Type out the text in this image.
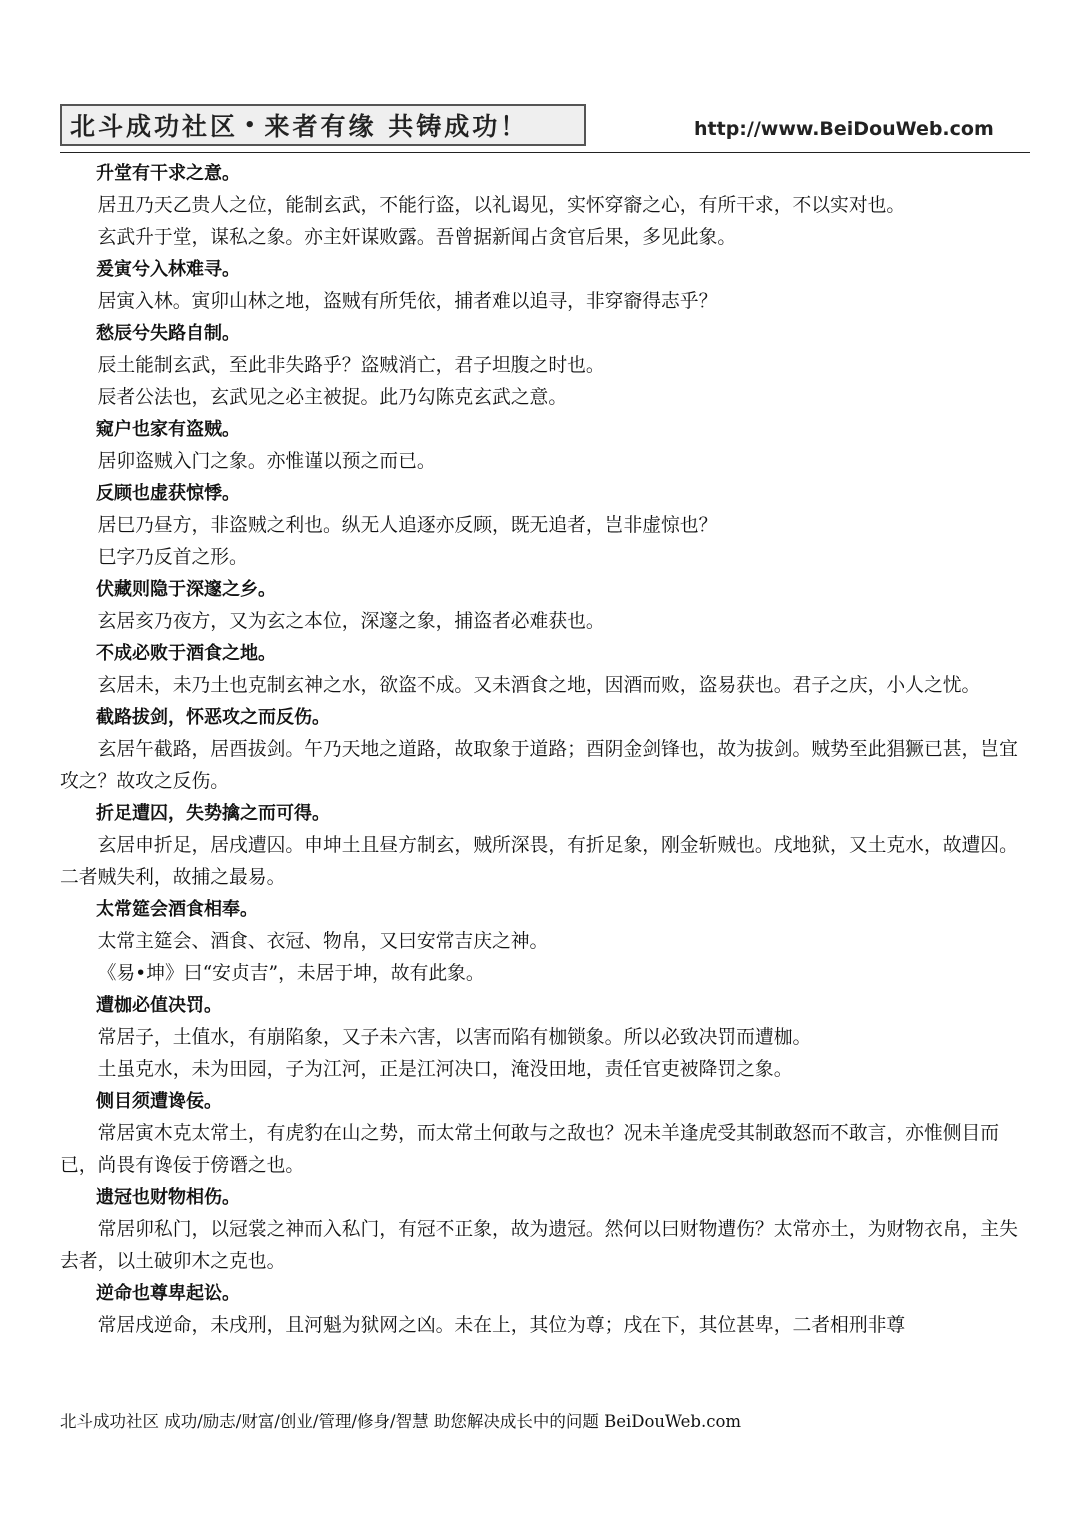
北斗成功社区 • 来者有缘 共铸成功！	http://www.BeiDouWeb.com

升堂有干求之意。

居丑乃天乙贵人之位，能制玄武，不能行盗，以礼谒见，实怀穿窬之心，有所干求，不以实对也。

玄武升于堂，谋私之象。亦主奸谋败露。吾曾据新闻占贪官后果，多见此象。

爰寅兮入林难寻。

居寅入林。寅卯山林之地，盗贼有所凭依，捕者难以追寻，非穿窬得志乎？

愁辰兮失路自制。

辰土能制玄武，至此非失路乎？盗贼消亡，君子坦腹之时也。

辰者公法也，玄武见之必主被捉。此乃勾陈克玄武之意。

窥户也家有盗贼。

居卯盗贼入门之象。亦惟谨以预之而已。

反顾也虚获惊悸。

居巳乃昼方，非盗贼之利也。纵无人追逐亦反顾，既无追者，岂非虚惊也？

巳字乃反首之形。

伏藏则隐于深邃之乡。

玄居亥乃夜方，又为玄之本位，深邃之象，捕盗者必难获也。

不成必败于酒食之地。

玄居未，未乃土也克制玄神之水，欲盗不成。又未酒食之地，因酒而败，盗易获也。君子之庆，小人之忧。

截路拔剑，怀恶攻之而反伤。

玄居午截路，居酉拔剑。午乃天地之道路，故取象于道路；酉阴金剑锋也，故为拔剑。贼势至此猖獗已甚，岂宜攻之？故攻之反伤。

折足遭囚，失势擒之而可得。

玄居申折足，居戌遭囚。申坤土且昼方制玄，贼所深畏，有折足象，刚金斩贼也。戌地狱，又土克水，故遭囚。二者贼失利，故捕之最易。

太常筵会酒食相奉。

太常主筵会、酒食、衣冠、物帛，又曰安常吉庆之神。

《易•坤》曰“安贞吉”，未居于坤，故有此象。

遭枷必值决罚。

常居子，土值水，有崩陷象，又子未六害，以害而陷有枷锁象。所以必致决罚而遭枷。

土虽克水，未为田园，子为江河，正是江河决口，淹没田地，责任官吏被降罚之象。

侧目须遭谗佞。

常居寅木克太常土，有虎豹在山之势，而太常土何敢与之敌也？况未羊逢虎受其制敢怒而不敢言，亦惟侧目而已，尚畏有谗佞于傍谮之也。

遗冠也财物相伤。

常居卯私门，以冠裳之神而入私门，有冠不正象，故为遗冠。然何以曰财物遭伤？太常亦土，为财物衣帛，主失去者，以土破卯木之克也。

逆命也尊卑起讼。

常居戌逆命，未戌刑，且河魁为狱网之凶。未在上，其位为尊；戌在下，其位甚卑，二者相刑非尊

北斗成功社区 成功/励志/财富/创业/管理/修身/智慧 助您解决成长中的问题 BeiDouWeb.com
